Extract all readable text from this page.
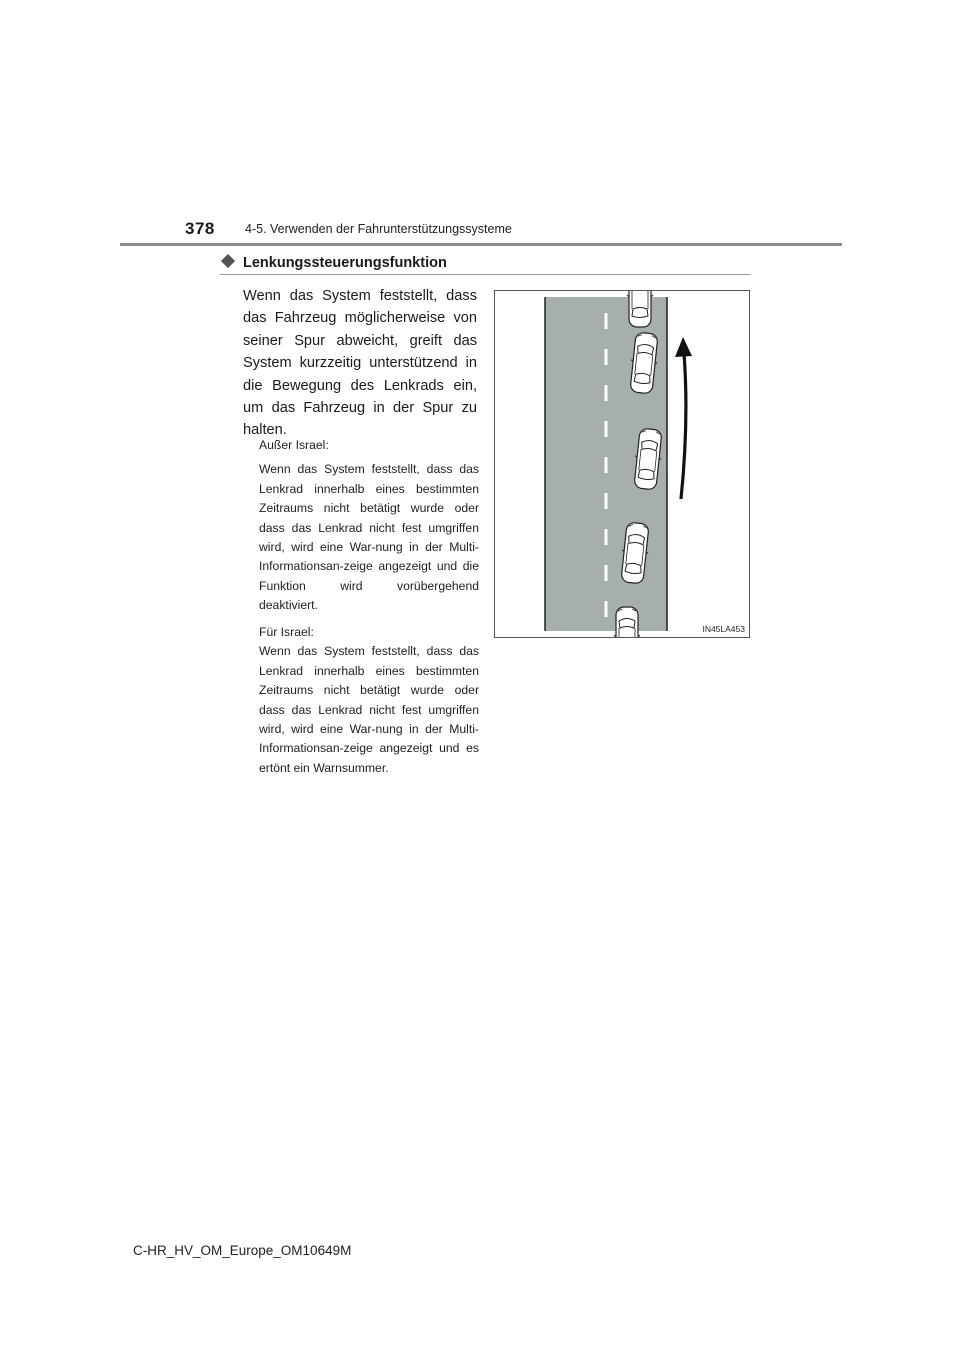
378 4-5. Verwenden der Fahrunterstützungssysteme
Lenkungssteuerungsfunktion
Wenn das System feststellt, dass das Fahrzeug möglicherweise von seiner Spur abweicht, greift das System kurzzeitig unterstützend in die Bewegung des Lenkrads ein, um das Fahrzeug in der Spur zu halten.

Außer Israel:

Wenn das System feststellt, dass das Lenkrad innerhalb eines bestimmten Zeitraums nicht betätigt wurde oder dass das Lenkrad nicht fest umgriffen wird, wird eine War-nung in der Multi-Informationsan-zeige angezeigt und die Funktion wird vorübergehend deaktiviert.

Für Israel:

Wenn das System feststellt, dass das Lenkrad innerhalb eines bestimmten Zeitraums nicht betätigt wurde oder dass das Lenkrad nicht fest umgriffen wird, wird eine War-nung in der Multi-Informationsan-zeige angezeigt und es ertönt ein Warnsummer.

IN45LA453
C-HR_HV_OM_Europe_OM10649M
